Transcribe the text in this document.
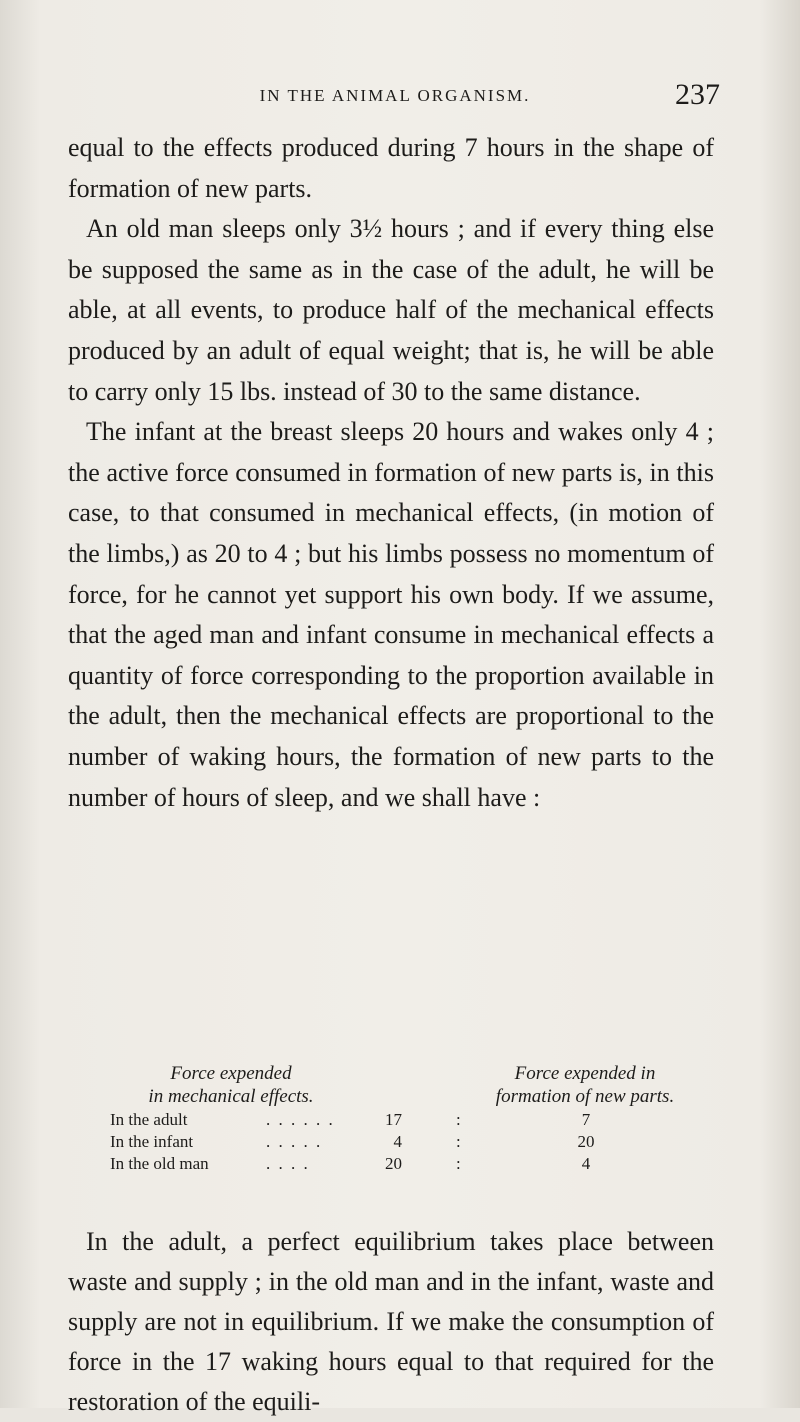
IN THE ANIMAL ORGANISM.	237

equal to the effects produced during 7 hours in the shape of formation of new parts.

An old man sleeps only 3½ hours ; and if every thing else be supposed the same as in the case of the adult, he will be able, at all events, to produce half of the mechanical effects produced by an adult of equal weight; that is, he will be able to carry only 15 lbs. instead of 30 to the same distance.

The infant at the breast sleeps 20 hours and wakes only 4 ; the active force consumed in formation of new parts is, in this case, to that consumed in mechanical effects, (in motion of the limbs,) as 20 to 4 ; but his limbs possess no momentum of force, for he cannot yet support his own body. If we assume, that the aged man and infant consume in mechanical effects a quantity of force corresponding to the proportion available in the adult, then the mechanical effects are proportional to the number of waking hours, the formation of new parts to the number of hours of sleep, and we shall have :

Force expended
in mechanical effects.
Force expended in
formation of new parts.
In the adult	. . . . . .	17	:	7
In the infant	. . . . .	4	:	20
In the old man	. . . .	20	:	4

In the adult, a perfect equilibrium takes place between waste and supply ; in the old man and in the infant, waste and supply are not in equilibrium. If we make the consumption of force in the 17 waking hours equal to that required for the restoration of the equili-
